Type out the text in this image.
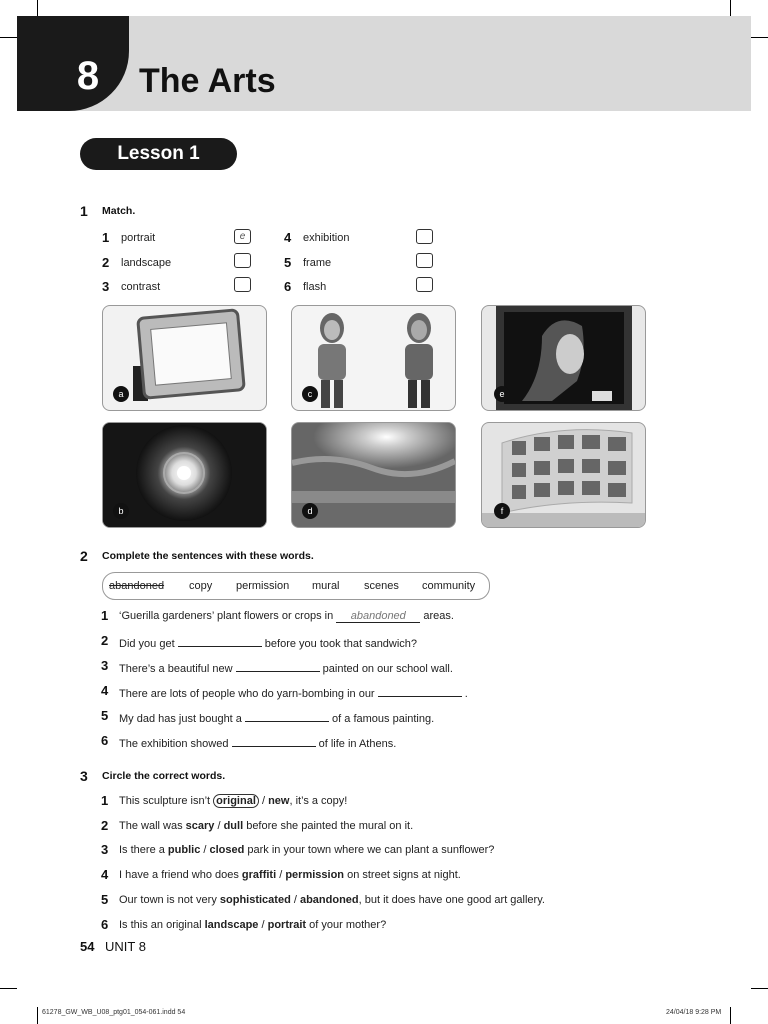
8	The Arts
Lesson 1
1 Match.
1 portrait	e
2 landscape
3 contrast
4 exhibition
5 frame
6 flash
a	c	e
b	d	f
2 Complete the sentences with these words.
abandoned copy permission mural scenes community
1 ‘Guerilla gardeners’ plant flowers or crops in abandoned areas.
2 Did you get	before you took that sandwich?
3 There’s a beautiful new	painted on our school wall.
4 There are lots of people who do yarn-bombing in our	.
5 My dad has just bought a	of a famous painting.
6 The exhibition showed	of life in Athens.
3 Circle the correct words.
1 This sculpture isn’t original / new, it’s a copy!
2 The wall was scary / dull before she painted the mural on it.
3 Is there a public / closed park in your town where we can plant a sunflower?
4 I have a friend who does graffiti / permission on street signs at night.
5 Our town is not very sophisticated / abandoned, but it does have one good art gallery.
6 Is this an original landscape / portrait of your mother?
54 UNIT 8
61278_GW_WB_U08_ptg01_054-061.indd 54	24/04/18 9:28 PM
